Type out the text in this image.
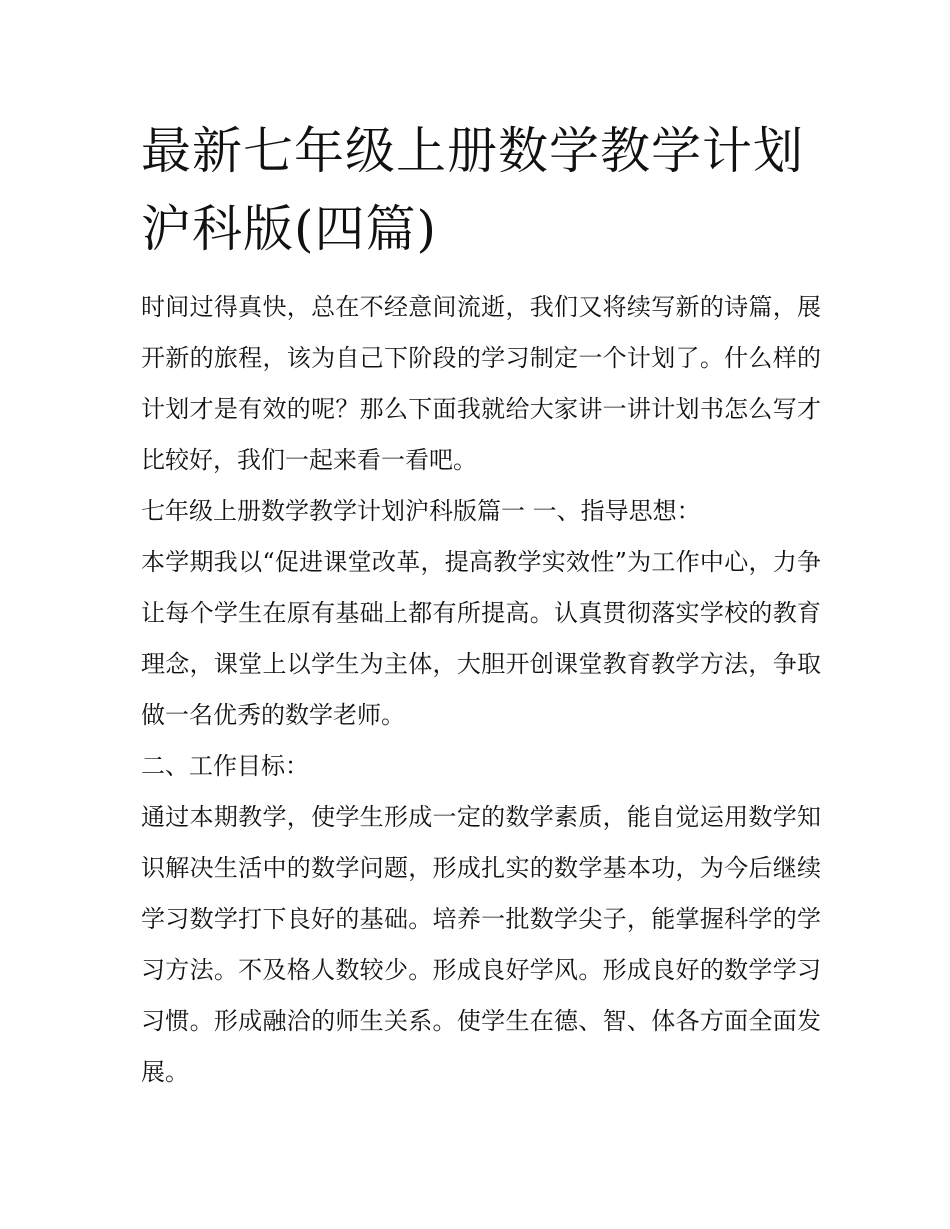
最新七年级上册数学教学计划沪科版(四篇)

时间过得真快，总在不经意间流逝，我们又将续写新的诗篇，展开新的旅程，该为自己下阶段的学习制定一个计划了。什么样的计划才是有效的呢？那么下面我就给大家讲一讲计划书怎么写才比较好，我们一起来看一看吧。

七年级上册数学教学计划沪科版篇一 一、指导思想：

本学期我以“促进课堂改革，提高教学实效性”为工作中心，力争让每个学生在原有基础上都有所提高。认真贯彻落实学校的教育理念，课堂上以学生为主体，大胆开创课堂教育教学方法，争取做一名优秀的数学老师。

二、工作目标：

通过本期教学，使学生形成一定的数学素质，能自觉运用数学知识解决生活中的数学问题，形成扎实的数学基本功，为今后继续学习数学打下良好的基础。培养一批数学尖子，能掌握科学的学习方法。不及格人数较少。形成良好学风。形成良好的数学学习习惯。形成融洽的师生关系。使学生在德、智、体各方面全面发展。
